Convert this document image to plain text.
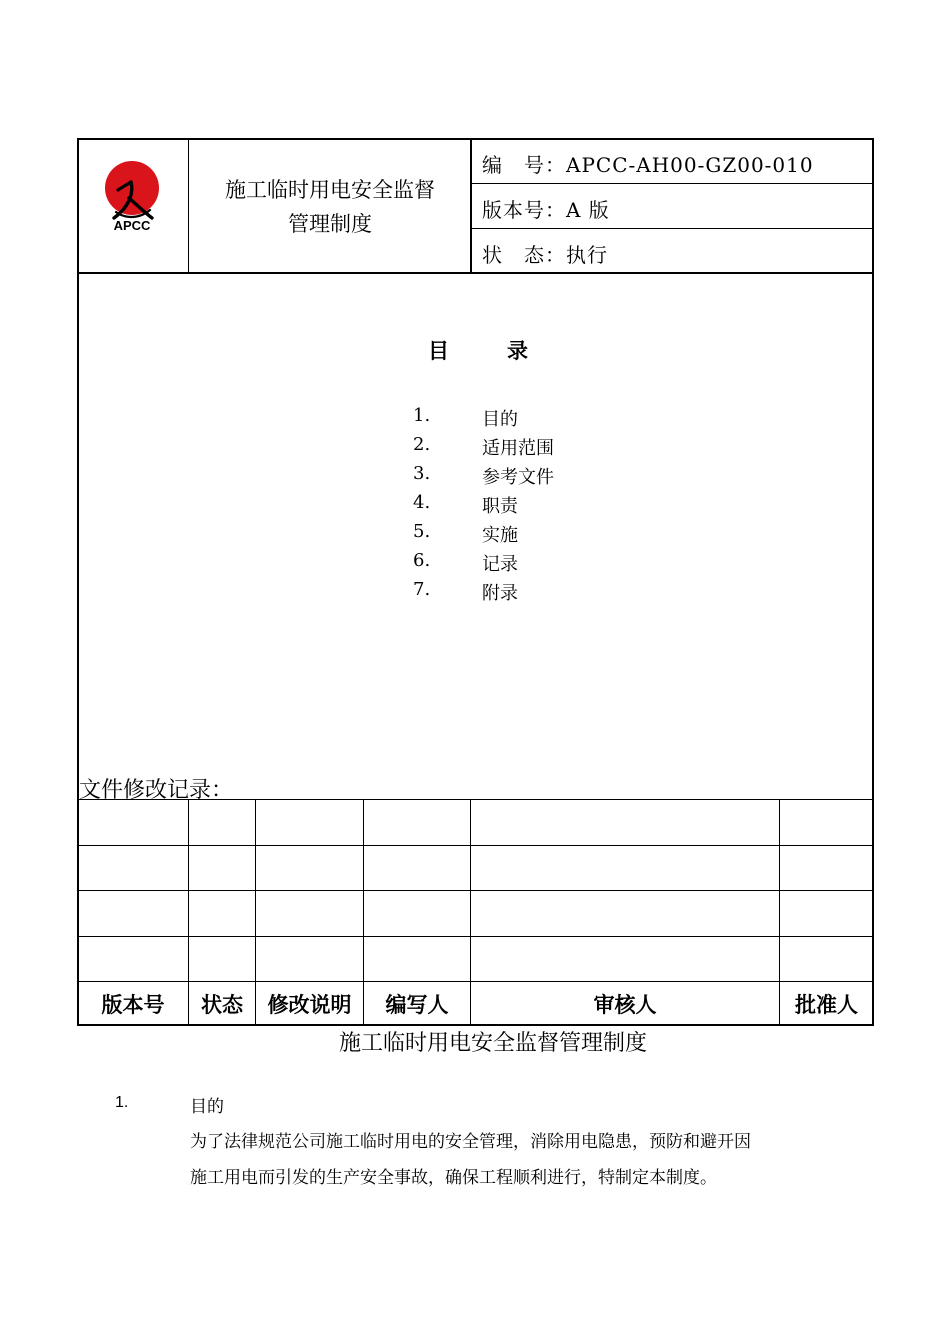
APCC
施工临时用电安全监督
管理制度
编　号：APCC-AH00-GZ00-010
版本号：A 版
状　态：执行
目录
1.	目的
2.	适用范围
3.	参考文件
4.	职责
5.	实施
6.	记录
7.	附录
文件修改记录：
版本号	状态	修改说明	编写人	审核人	批准人
施工临时用电安全监督管理制度
1.	目的
为了法律规范公司施工临时用电的安全管理，消除用电隐患，预防和避开因
施工用电而引发的生产安全事故，确保工程顺利进行，特制定本制度。
